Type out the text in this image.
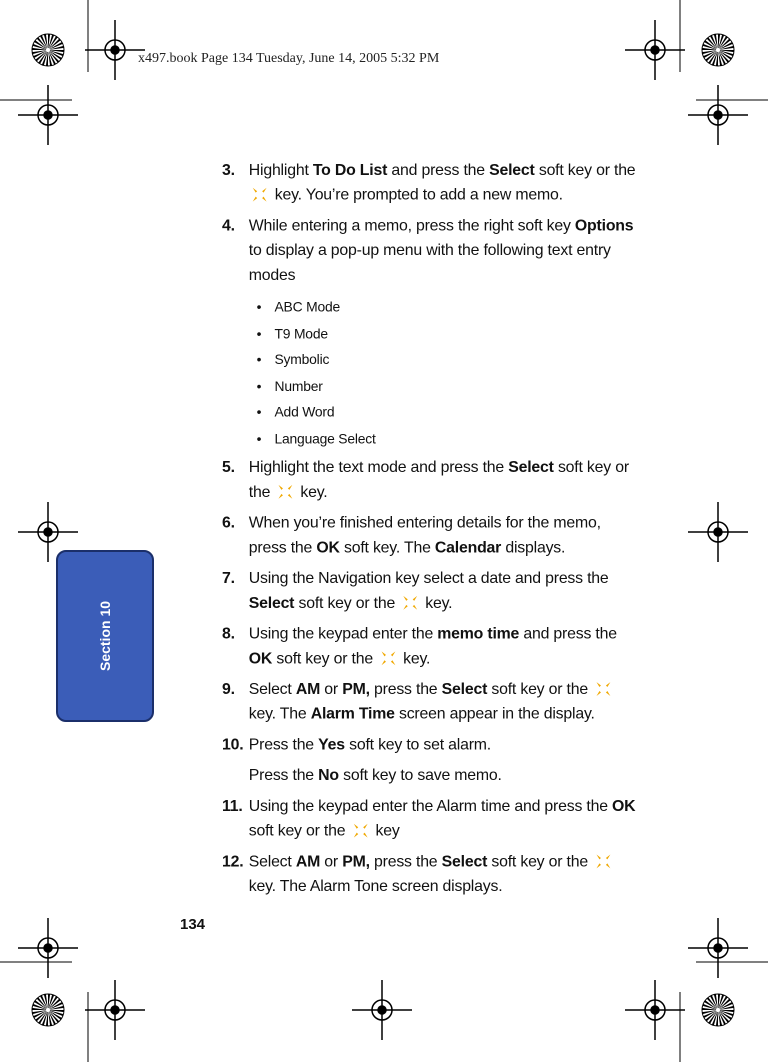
x497.book Page 134 Tuesday, June 14, 2005 5:32 PM
Section 10
3. Highlight To Do List and press the Select soft key or the  key. You’re prompted to add a new memo.
4. While entering a memo, press the right soft key Options to display a pop-up menu with the following text entry modes
• ABC Mode
• T9 Mode
• Symbolic
• Number
• Add Word
• Language Select
5. Highlight the text mode and press the Select soft key or the  key.
6. When you’re finished entering details for the memo, press the OK soft key. The Calendar displays.
7. Using the Navigation key select a date and press the Select soft key or the  key.
8. Using the keypad enter the memo time and press the OK soft key or the  key.
9. Select AM or PM, press the Select soft key or the  key. The Alarm Time screen appear in the display.
10. Press the Yes soft key to set alarm.
Press the No soft key to save memo.
11. Using the keypad enter the Alarm time and press the OK soft key or the  key
12. Select AM or PM, press the Select soft key or the  key. The Alarm Tone screen displays.
134
